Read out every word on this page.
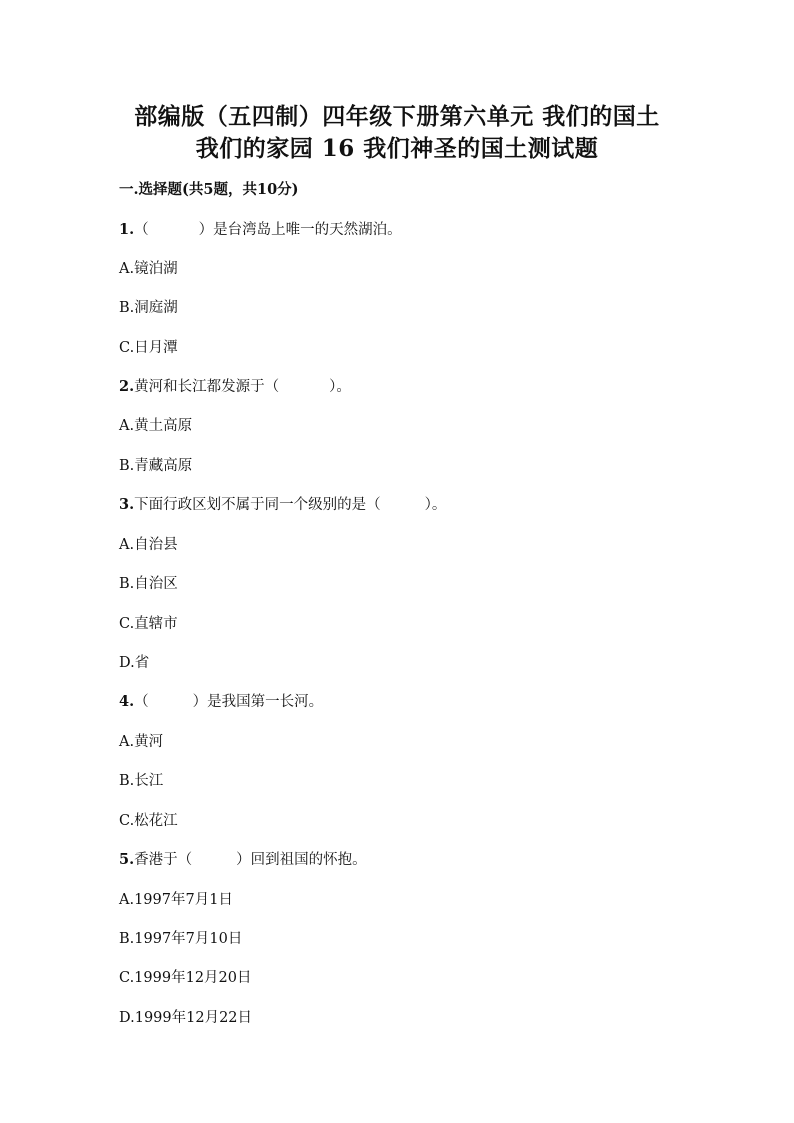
部编版（五四制）四年级下册第六单元 我们的国土
我们的家园 16 我们神圣的国土测试题
一.选择题(共5题，共10分)
1.（	）是台湾岛上唯一的天然湖泊。
A.镜泊湖
B.洞庭湖
C.日月潭
2.黄河和长江都发源于（	）。
A.黄土高原
B.青藏高原
3.下面行政区划不属于同一个级别的是（	）。
A.自治县
B.自治区
C.直辖市
D.省
4.（	）是我国第一长河。
A.黄河
B.长江
C.松花江
5.香港于（	）回到祖国的怀抱。
A.1997年7月1日
B.1997年7月10日
C.1999年12月20日
D.1999年12月22日
